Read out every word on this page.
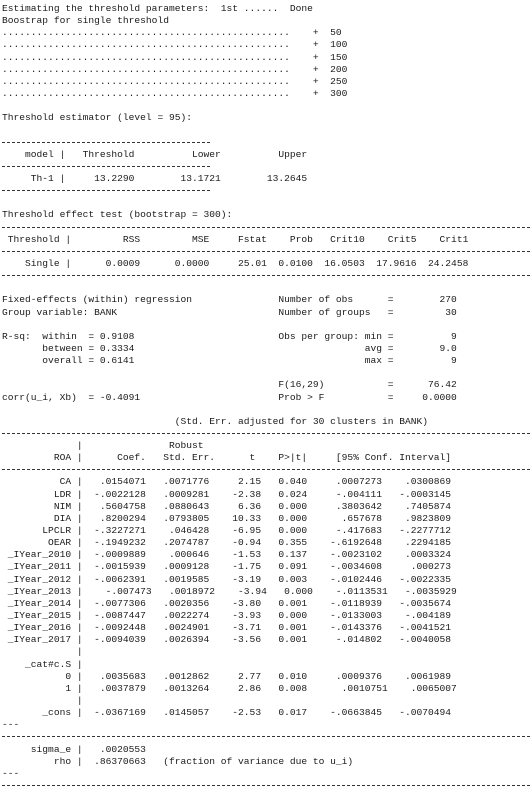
Estimating the threshold parameters:  1st ......  Done
Boostrap for single threshold
..................................................    +  50
..................................................    +  100
..................................................    +  150
..................................................    +  200
..................................................    +  250
..................................................    +  300
Threshold estimator (level = 95):
model |   Threshold          Lower          Upper
Th-1 |     13.2290        13.1721        13.2645
Threshold effect test (bootstrap = 300):
Threshold |         RSS         MSE     Fstat    Prob   Crit10    Crit5    Crit1
Single |      0.0009      0.0000     25.01  0.0100  16.0503  17.9616  24.2458
Fixed-effects (within) regression               Number of obs      =        270
Group variable: BANK                            Number of groups   =         30
R-sq:  within  = 0.9108                         Obs per group: min =          9
between = 0.3334                                        avg =        9.0
overall = 0.6141                                        max =          9
F(16,29)           =      76.42
corr(u_i, Xb)  = -0.4091                        Prob > F           =     0.0000
(Std. Err. adjusted for 30 clusters in BANK)
|               Robust
ROA |      Coef.   Std. Err.      t    P>|t|     [95% Conf. Interval]
CA |   .0154071   .0071776     2.15   0.040     .0007273    .0300869
LDR |  -.0022128   .0009281    -2.38   0.024     -.004111   -.0003145
NIM |   .5604758   .0880643     6.36   0.000     .3803642    .7405874
DIA |   .8200294   .0793805    10.33   0.000      .657678    .9823809
LPCLR |  -.3227271    .046428    -6.95   0.000     -.417683   -.2277712
OEAR |  -.1949232   .2074787    -0.94   0.355    -.6192648    .2294185
_IYear_2010 |  -.0009889    .000646    -1.53   0.137    -.0023102    .0003324
_IYear_2011 |  -.0015939   .0009128    -1.75   0.091    -.0034608     .000273
_IYear_2012 |  -.0062391   .0019585    -3.19   0.003    -.0102446   -.0022335
_IYear_2013 |    -.007473   .0018972    -3.94   0.000    -.0113531   -.0035929
_IYear_2014 |  -.0077306   .0020356    -3.80   0.001    -.0118939   -.0035674
_IYear_2015 |  -.0087447   .0022274    -3.93   0.000    -.0133003    -.004189
_IYear_2016 |  -.0092448   .0024901    -3.71   0.001    -.0143376   -.0041521
_IYear_2017 |  -.0094039   .0026394    -3.56   0.001     -.014802   -.0040058
|
_cat#c.S |
0 |   .0035683   .0012862     2.77   0.010     .0009376    .0061989
1 |   .0037879   .0013264     2.86   0.008      .0010751    .0065007
|
_cons |  -.0367169   .0145057    -2.53   0.017    -.0663845   -.0070494
---
sigma_e |   .0020553
rho |  .86370663   (fraction of variance due to u_i)
---
